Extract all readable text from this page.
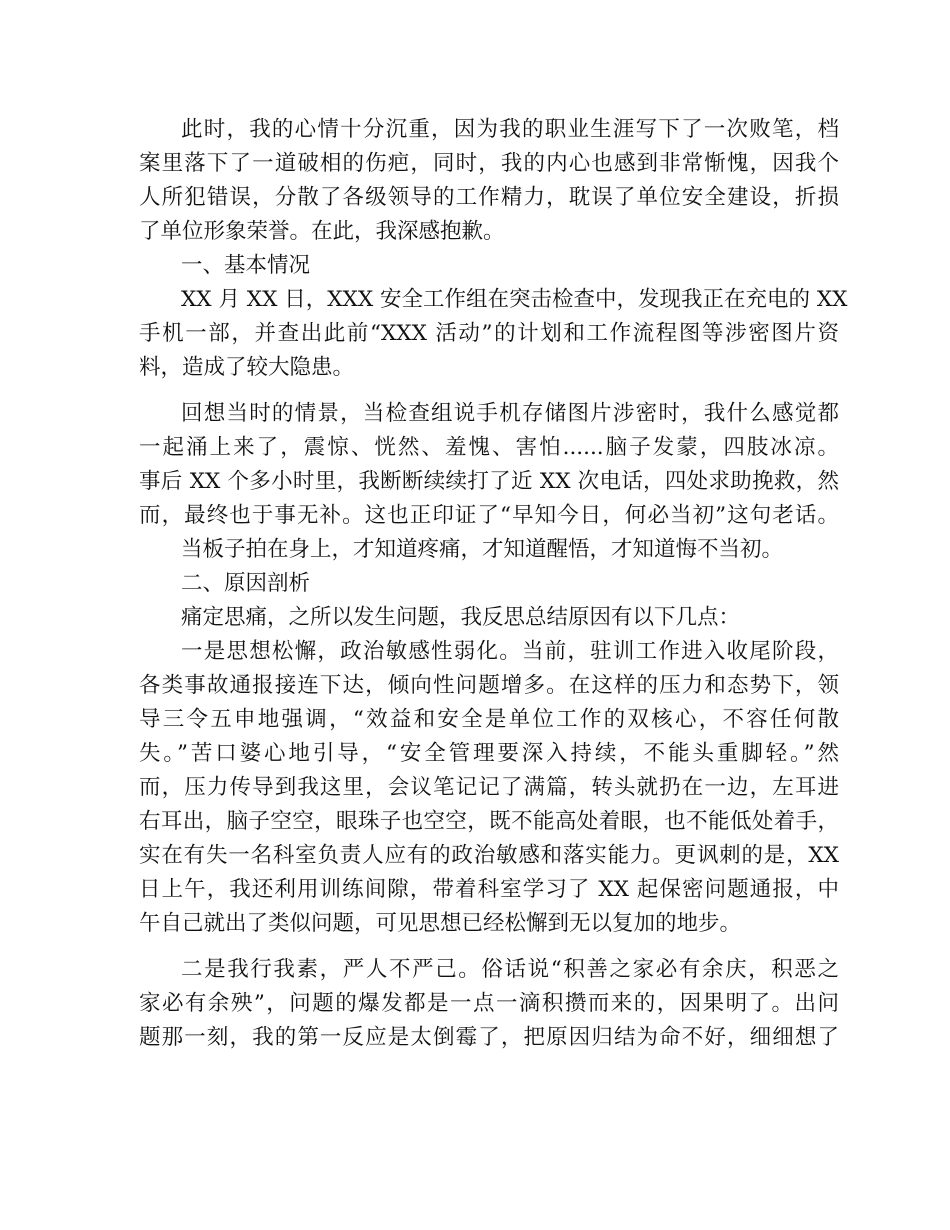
此时，我的心情十分沉重，因为我的职业生涯写下了一次败笔，档

案里落下了一道破相的伤疤，同时，我的内心也感到非常惭愧，因我个

人所犯错误，分散了各级领导的工作精力，耽误了单位安全建设，折损

了单位形象荣誉。在此，我深感抱歉。

一、基本情况

XX 月 XX 日，XXX 安全工作组在突击检查中，发现我正在充电的 XX

手机一部，并查出此前“XXX 活动”的计划和工作流程图等涉密图片资

料，造成了较大隐患。

回想当时的情景，当检查组说手机存储图片涉密时，我什么感觉都

一起涌上来了，震惊、恍然、羞愧、害怕......脑子发蒙，四肢冰凉。

事后 XX 个多小时里，我断断续续打了近 XX 次电话，四处求助挽救，然

而，最终也于事无补。这也正印证了“早知今日，何必当初”这句老话。

当板子拍在身上，才知道疼痛，才知道醒悟，才知道悔不当初。

二、原因剖析

痛定思痛，之所以发生问题，我反思总结原因有以下几点：

一是思想松懈，政治敏感性弱化。当前，驻训工作进入收尾阶段，

各类事故通报接连下达，倾向性问题增多。在这样的压力和态势下，领

导三令五申地强调，“效益和安全是单位工作的双核心，不容任何散

失。”苦口婆心地引导，“安全管理要深入持续，不能头重脚轻。”然

而，压力传导到我这里，会议笔记记了满篇，转头就扔在一边，左耳进

右耳出，脑子空空，眼珠子也空空，既不能高处着眼，也不能低处着手，

实在有失一名科室负责人应有的政治敏感和落实能力。更讽刺的是，XX

日上午，我还利用训练间隙，带着科室学习了 XX 起保密问题通报，中

午自己就出了类似问题，可见思想已经松懈到无以复加的地步。

二是我行我素，严人不严己。俗话说“积善之家必有余庆，积恶之

家必有余殃”，问题的爆发都是一点一滴积攒而来的，因果明了。出问

题那一刻，我的第一反应是太倒霉了，把原因归结为命不好，细细想了
